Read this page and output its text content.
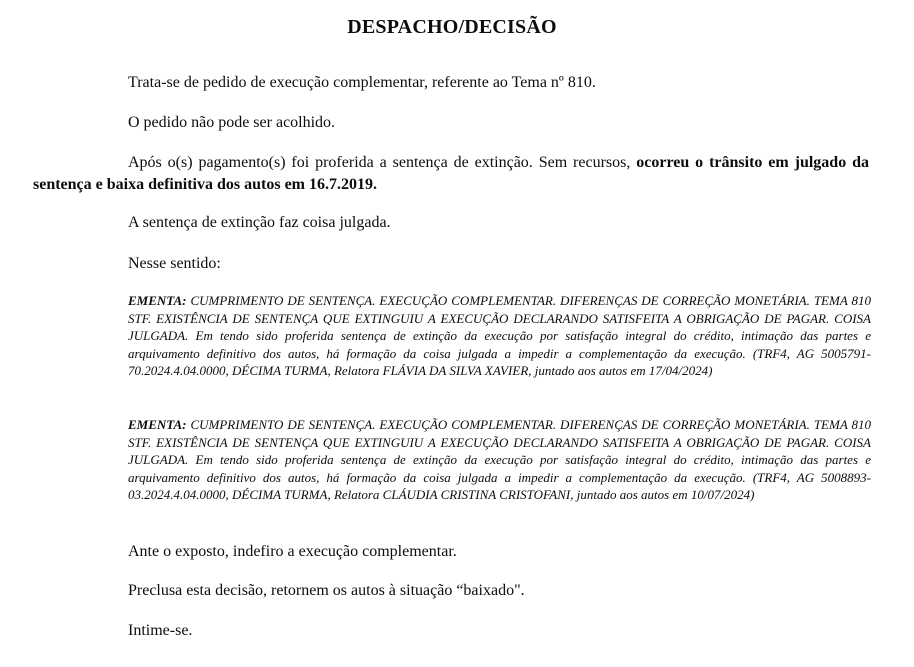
DESPACHO/DECISÃO
Trata-se de pedido de execução complementar, referente ao Tema nº 810.
O pedido não pode ser acolhido.
Após o(s) pagamento(s) foi proferida a sentença de extinção. Sem recursos, ocorreu o trânsito em julgado da sentença e baixa definitiva dos autos em 16.7.2019.
A sentença de extinção faz coisa julgada.
Nesse sentido:
EMENTA: CUMPRIMENTO DE SENTENÇA. EXECUÇÃO COMPLEMENTAR. DIFERENÇAS DE CORREÇÃO MONETÁRIA. TEMA 810 STF. EXISTÊNCIA DE SENTENÇA QUE EXTINGUIU A EXECUÇÃO DECLARANDO SATISFEITA A OBRIGAÇÃO DE PAGAR. COISA JULGADA. Em tendo sido proferida sentença de extinção da execução por satisfação integral do crédito, intimação das partes e arquivamento definitivo dos autos, há formação da coisa julgada a impedir a complementação da execução. (TRF4, AG 5005791-70.2024.4.04.0000, DÉCIMA TURMA, Relatora FLÁVIA DA SILVA XAVIER, juntado aos autos em 17/04/2024)
EMENTA: CUMPRIMENTO DE SENTENÇA. EXECUÇÃO COMPLEMENTAR. DIFERENÇAS DE CORREÇÃO MONETÁRIA. TEMA 810 STF. EXISTÊNCIA DE SENTENÇA QUE EXTINGUIU A EXECUÇÃO DECLARANDO SATISFEITA A OBRIGAÇÃO DE PAGAR. COISA JULGADA. Em tendo sido proferida sentença de extinção da execução por satisfação integral do crédito, intimação das partes e arquivamento definitivo dos autos, há formação da coisa julgada a impedir a complementação da execução. (TRF4, AG 5008893-03.2024.4.04.0000, DÉCIMA TURMA, Relatora CLÁUDIA CRISTINA CRISTOFANI, juntado aos autos em 10/07/2024)
Ante o exposto, indefiro a execução complementar.
Preclusa esta decisão, retornem os autos à situação “baixado".
Intime-se.
